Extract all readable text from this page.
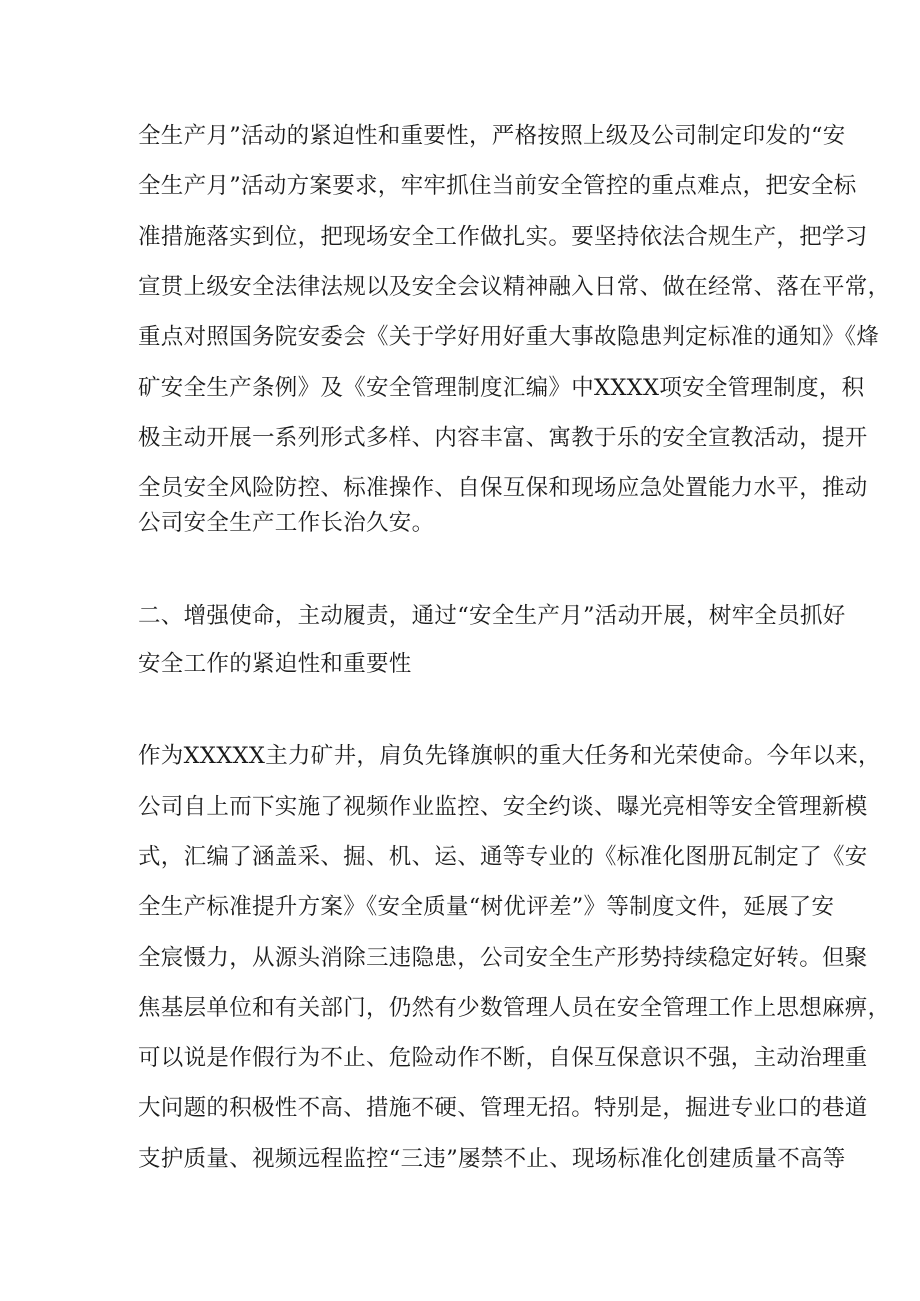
全生产月”活动的紧迫性和重要性，严格按照上级及公司制定印发的“安
全生产月”活动方案要求，牢牢抓住当前安全管控的重点难点，把安全标
准措施落实到位，把现场安全工作做扎实。要坚持依法合规生产，把学习
宣贯上级安全法律法规以及安全会议精神融入日常、做在经常、落在平常，
重点对照国务院安委会《关于学好用好重大事故隐患判定标准的通知》《烽
矿安全生产条例》及《安全管理制度汇编》中XXXX项安全管理制度，积
极主动开展一系列形式多样、内容丰富、寓教于乐的安全宣教活动，提开
全员安全风险防控、标准操作、自保互保和现场应急处置能力水平，推动
公司安全生产工作长治久安。
二、增强使命，主动履责，通过“安全生产月”活动开展，树牢全员抓好
安全工作的紧迫性和重要性
作为XXXXX主力矿井，肩负先锋旗帜的重大任务和光荣使命。今年以来，
公司自上而下实施了视频作业监控、安全约谈、曝光亮相等安全管理新模
式，汇编了涵盖采、掘、机、运、通等专业的《标准化图册瓦制定了《安
全生产标准提升方案》《安全质量“树优评差”》等制度文件，延展了安
全宸慑力，从源头消除三违隐患，公司安全生产形势持续稳定好转。但聚
焦基层单位和有关部门，仍然有少数管理人员在安全管理工作上思想麻痹，
可以说是作假行为不止、危险动作不断，自保互保意识不强，主动治理重
大问题的积极性不高、措施不硬、管理无招。特别是，掘进专业口的巷道
支护质量、视频远程监控“三违”屡禁不止、现场标准化创建质量不高等
